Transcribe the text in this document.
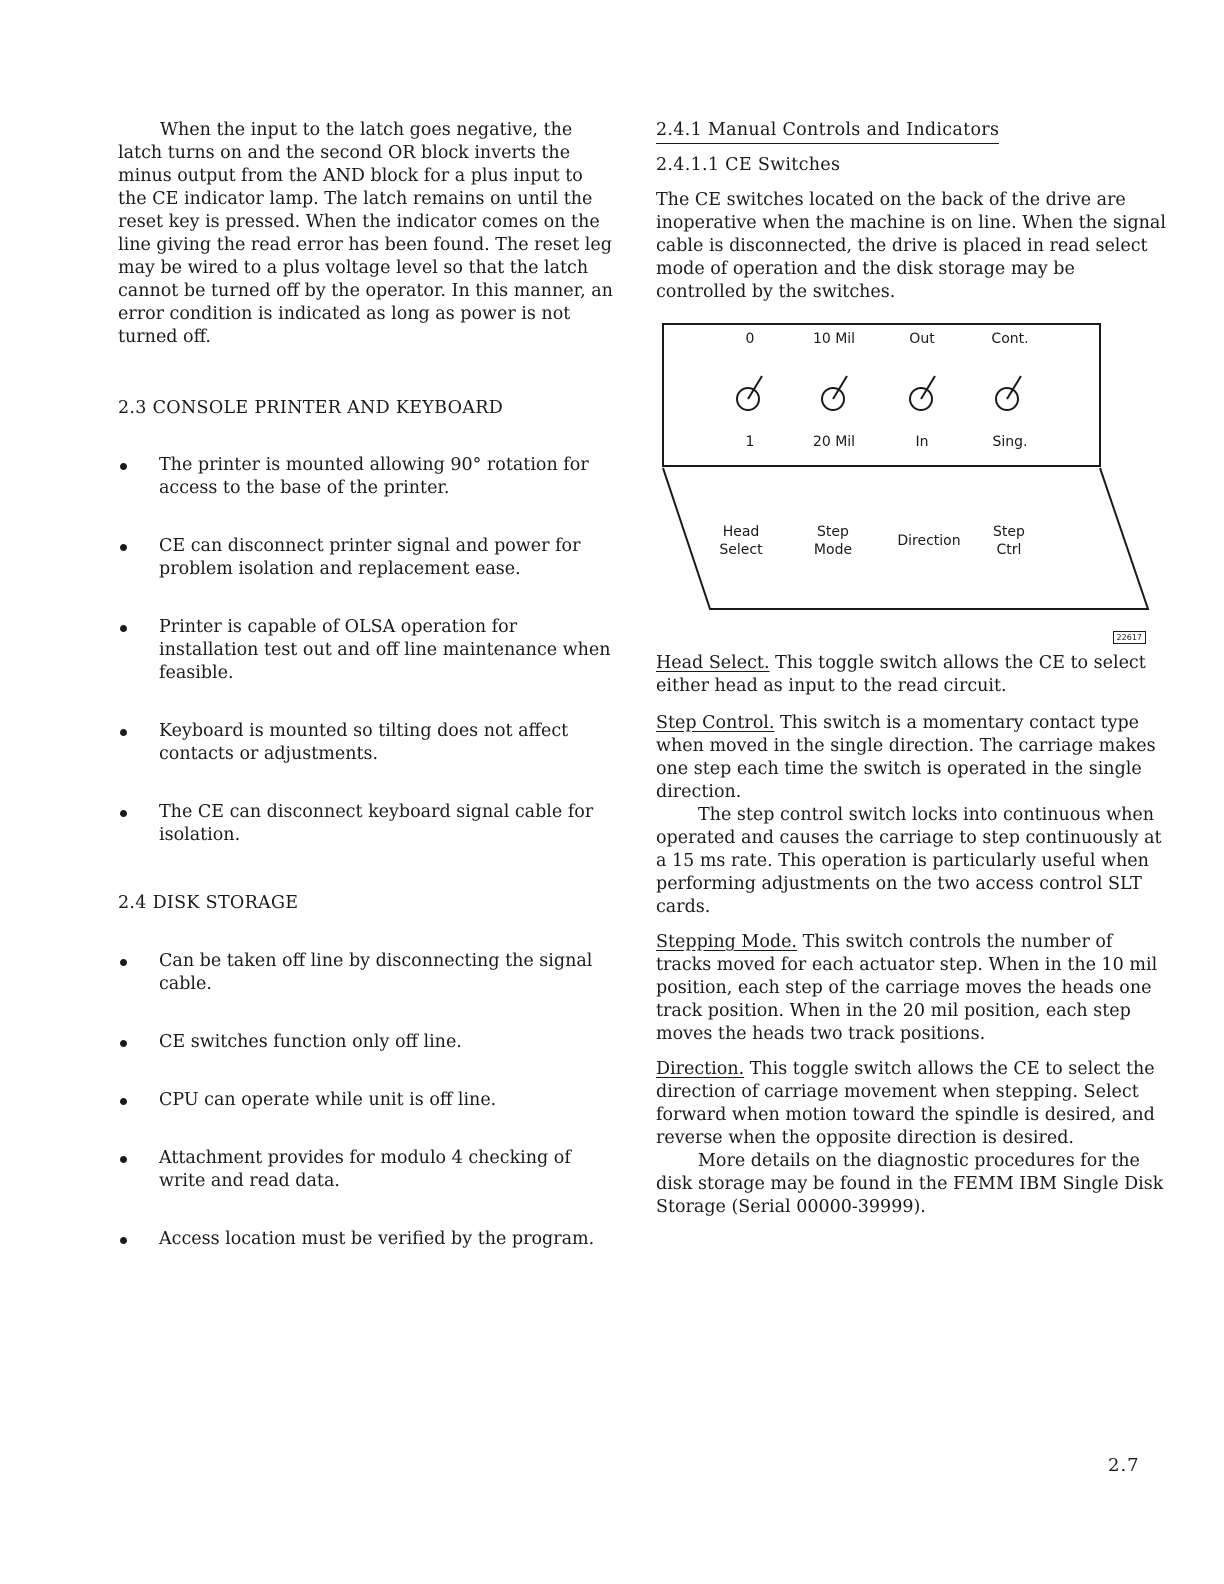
When the input to the latch goes negative, the latch turns on and the second OR block inverts the minus output from the AND block for a plus input to the CE indicator lamp. The latch remains on until the reset key is pressed. When the indicator comes on the line giving the read error has been found. The reset leg may be wired to a plus voltage level so that the latch cannot be turned off by the operator. In this manner, an error condition is indicated as long as power is not turned off.

2.3 CONSOLE PRINTER AND KEYBOARD
The printer is mounted allowing 90° rotation for access to the base of the printer.
CE can disconnect printer signal and power for problem isolation and replacement ease.
Printer is capable of OLSA operation for installation test out and off line maintenance when feasible.
Keyboard is mounted so tilting does not affect contacts or adjustments.
The CE can disconnect keyboard signal cable for isolation.
2.4 DISK STORAGE
Can be taken off line by disconnecting the signal cable.
CE switches function only off line.
CPU can operate while unit is off line.
Attachment provides for modulo 4 checking of write and read data.
Access location must be verified by the program.
2.4.1 Manual Controls and Indicators
2.4.1.1 CE Switches

The CE switches located on the back of the drive are inoperative when the machine is on line. When the signal cable is disconnected, the drive is placed in read select mode of operation and the disk storage may be controlled by the switches.

0	10 Mil	Out	Cont.
1	20 Mil	In	Sing.
Head Select
Step Mode
Direction
Step Ctrl
22617

Head Select. This toggle switch allows the CE to select either head as input to the read circuit.

Step Control. This switch is a momentary contact type when moved in the single direction. The carriage makes one step each time the switch is operated in the single direction.

The step control switch locks into continuous when operated and causes the carriage to step continuously at a 15 ms rate. This operation is particularly useful when performing adjustments on the two access control SLT cards.

Stepping Mode. This switch controls the number of tracks moved for each actuator step. When in the 10 mil position, each step of the carriage moves the heads one track position. When in the 20 mil position, each step moves the heads two track positions.

Direction. This toggle switch allows the CE to select the direction of carriage movement when stepping. Select forward when motion toward the spindle is desired, and reverse when the opposite direction is desired.

More details on the diagnostic procedures for the disk storage may be found in the FEMM IBM Single Disk Storage (Serial 00000-39999).

2.7
